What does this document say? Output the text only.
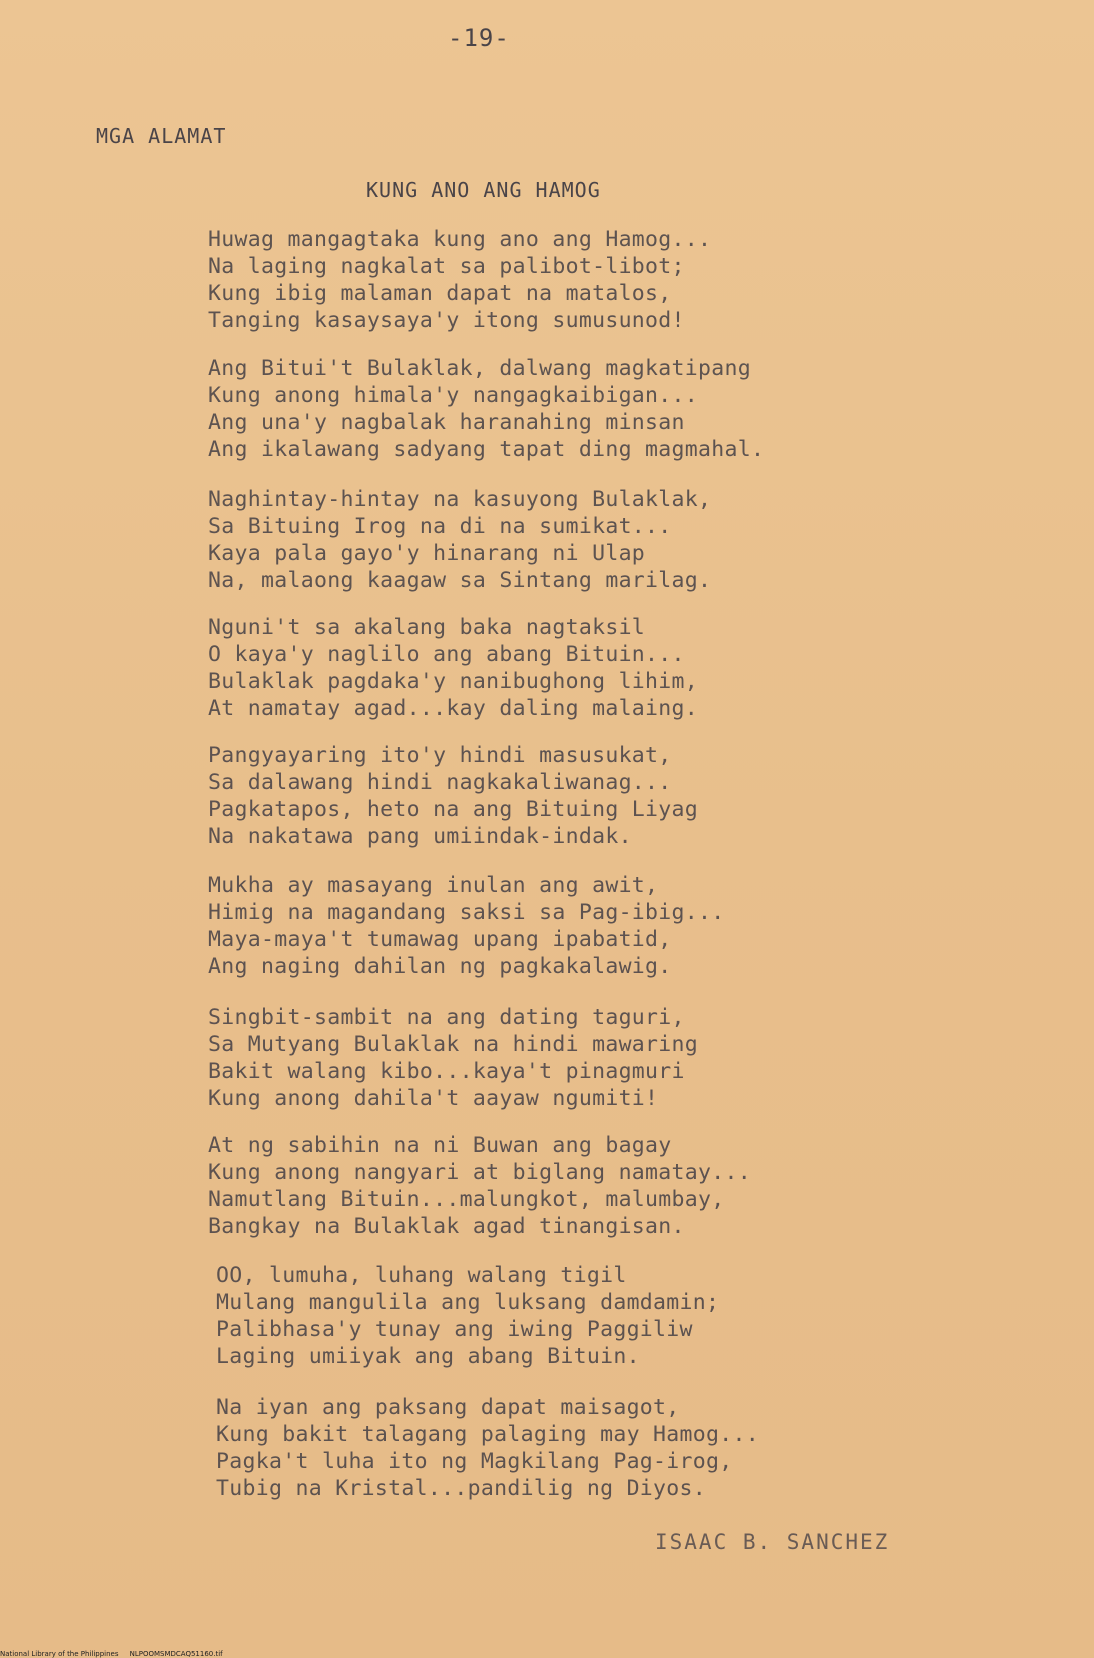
-19-
MGA ALAMAT
KUNG ANO ANG HAMOG
Huwag mangagtaka kung ano ang Hamog...
Na laging nagkalat sa palibot-libot;
Kung ibig malaman dapat na matalos,
Tanging kasaysaya'y itong sumusunod!
Ang Bitui't Bulaklak, dalwang magkatipang
Kung anong himala'y nangagkaibigan...
Ang una'y nagbalak haranahing minsan
Ang ikalawang sadyang tapat ding magmahal.
Naghintay-hintay na kasuyong Bulaklak,
Sa Bituing Irog na di na sumikat...
Kaya pala gayo'y hinarang ni Ulap
Na, malaong kaagaw sa Sintang marilag.
Nguni't sa akalang baka nagtaksil
O kaya'y naglilo ang abang Bituin...
Bulaklak pagdaka'y nanibughong lihim,
At namatay agad...kay daling malaing.
Pangyayaring ito'y hindi masusukat,
Sa dalawang hindi nagkakaliwanag...
Pagkatapos, heto na ang Bituing Liyag
Na nakatawa pang umiindak-indak.
Mukha ay masayang inulan ang awit,
Himig na magandang saksi sa Pag-ibig...
Maya-maya't tumawag upang ipabatid,
Ang naging dahilan ng pagkakalawig.
Singbit-sambit na ang dating taguri,
Sa Mutyang Bulaklak na hindi mawaring
Bakit walang kibo...kaya't pinagmuri
Kung anong dahila't aayaw ngumiti!
At ng sabihin na ni Buwan ang bagay
Kung anong nangyari at biglang namatay...
Namutlang Bituin...malungkot, malumbay,
Bangkay na Bulaklak agad tinangisan.
OO, lumuha, luhang walang tigil
Mulang mangulila ang luksang damdamin;
Palibhasa'y tunay ang iwing Paggiliw
Laging umiiyak ang abang Bituin.
Na iyan ang paksang dapat maisagot,
Kung bakit talagang palaging may Hamog...
Pagka't luha ito ng Magkilang Pag-irog,
Tubig na Kristal...pandilig ng Diyos.
ISAAC B. SANCHEZ
National Library of the Philippines     NLPOOMSMDCAQ51160.tif
